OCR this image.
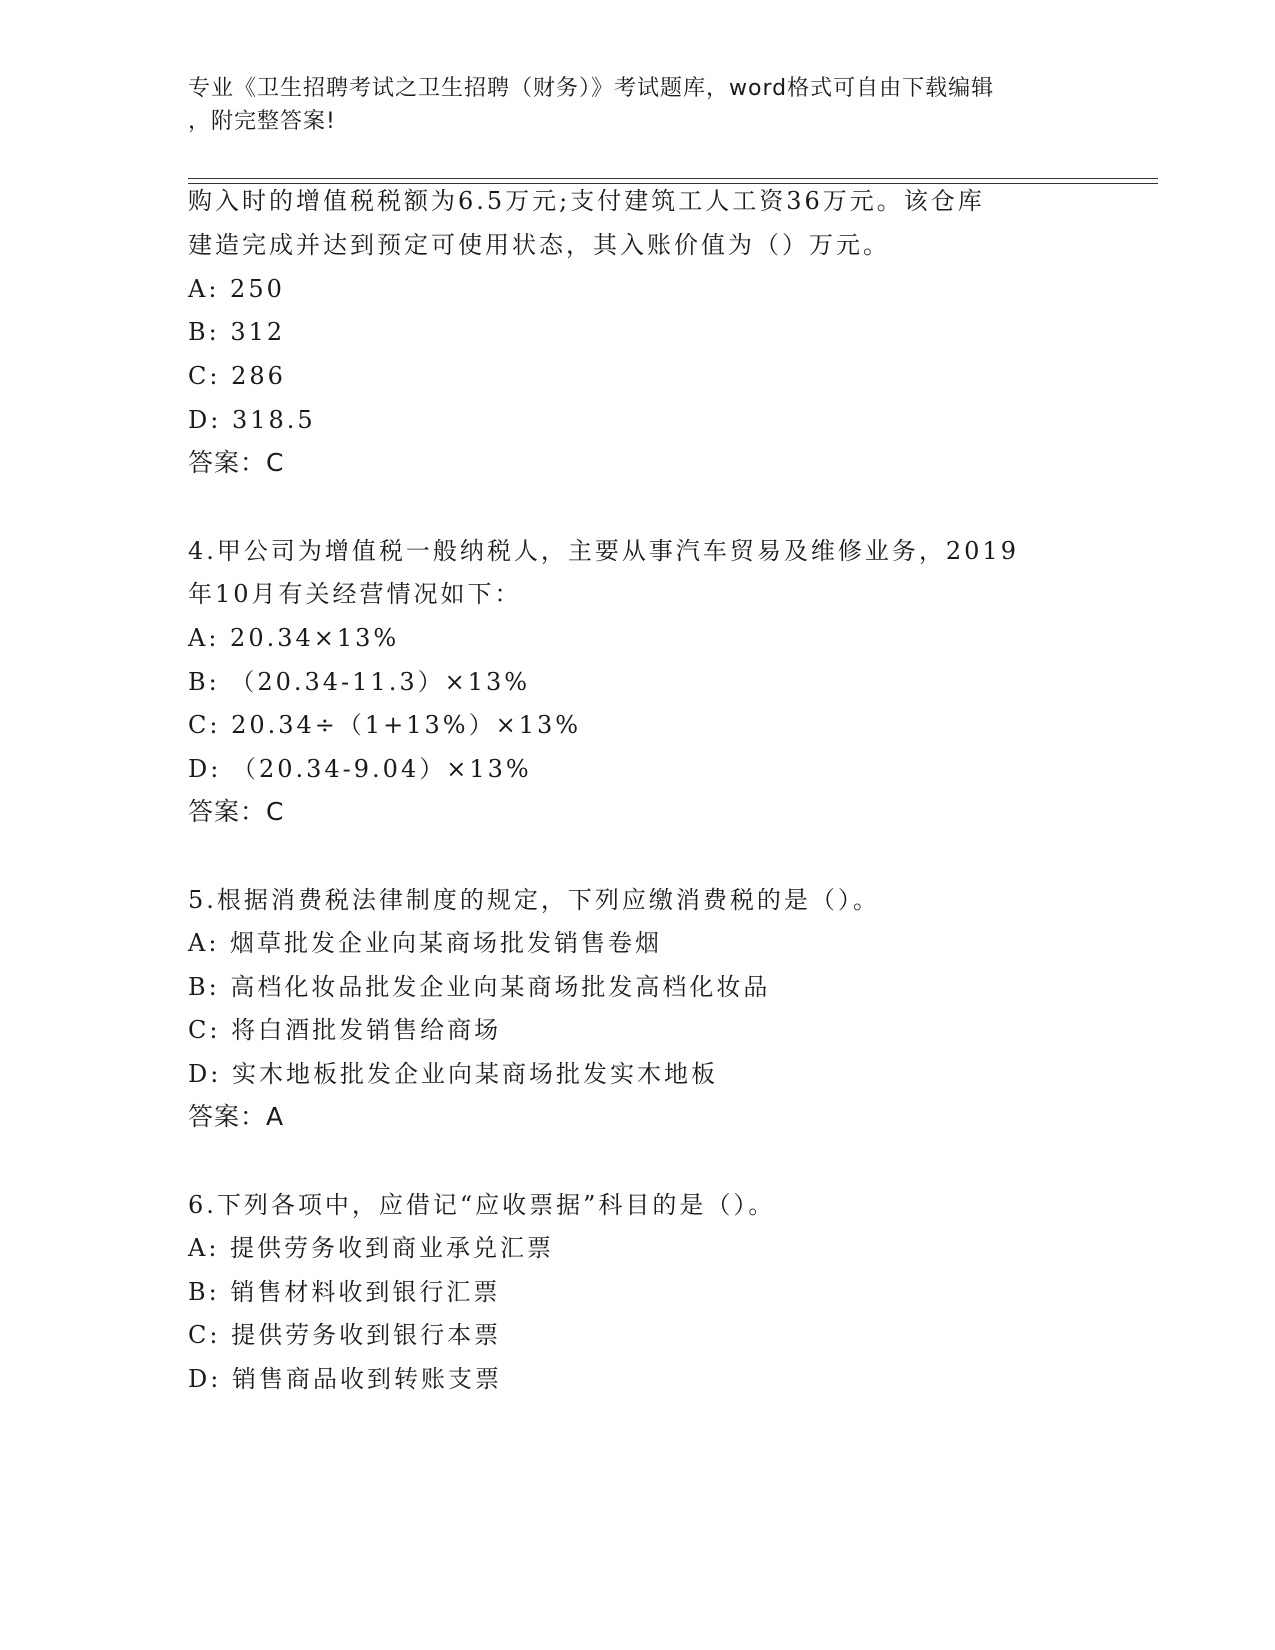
专业《卫生招聘考试之卫生招聘（财务）》考试题库，word格式可自由下载编辑
，附完整答案!
购入时的增值税税额为6.5万元;支付建筑工人工资36万元。该仓库
建造完成并达到预定可使用状态，其入账价值为（）万元。
A: 250
B: 312
C: 286
D: 318.5
答案：C
4.甲公司为增值税一般纳税人，主要从事汽车贸易及维修业务，2019
年10月有关经营情况如下：
A: 20.34×13%
B: （20.34-11.3）×13%
C: 20.34÷（1+13%）×13%
D: （20.34-9.04）×13%
答案：C
5.根据消费税法律制度的规定，下列应缴消费税的是（）。
A: 烟草批发企业向某商场批发销售卷烟
B: 高档化妆品批发企业向某商场批发高档化妆品
C: 将白酒批发销售给商场
D: 实木地板批发企业向某商场批发实木地板
答案：A
6.下列各项中，应借记“应收票据”科目的是（）。
A: 提供劳务收到商业承兑汇票
B: 销售材料收到银行汇票
C: 提供劳务收到银行本票
D: 销售商品收到转账支票
